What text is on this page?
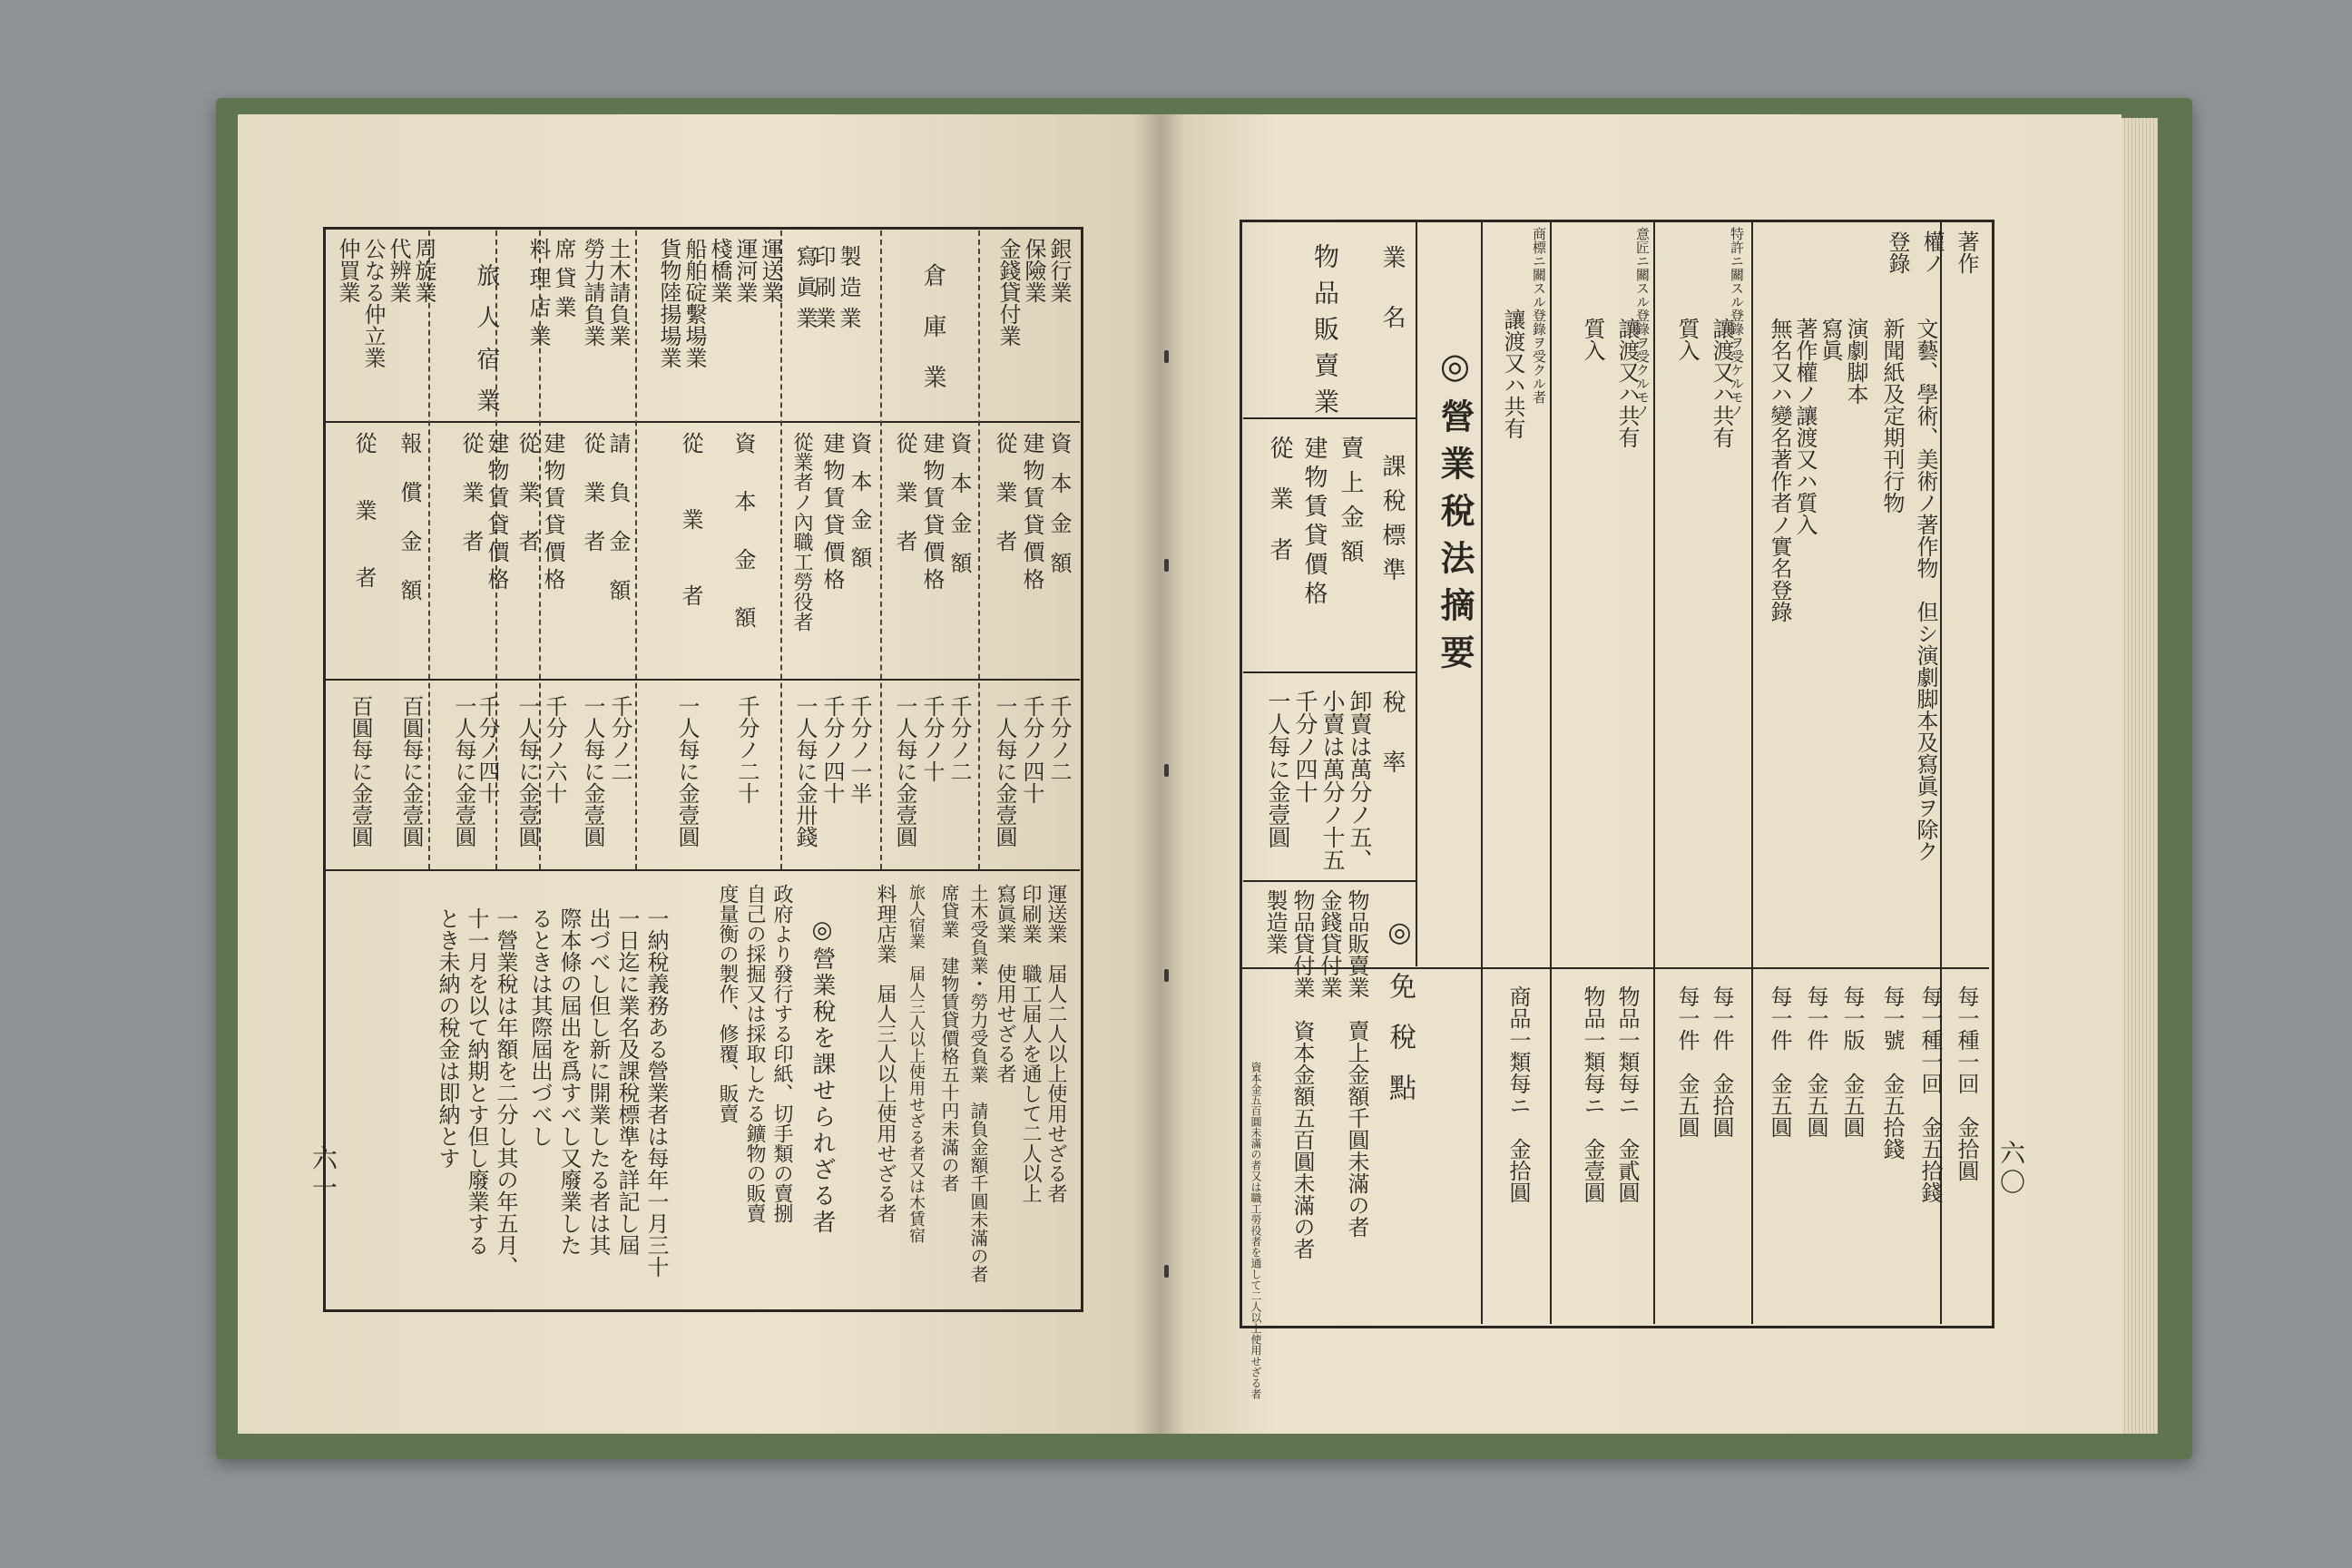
六〇
著作
權ノ
登錄
文藝、學術、美術ノ著作物　但シ演劇脚本及寫眞ヲ除ク
每一種一回　金拾圓
新聞紙及定期刊行物
每一號　金五拾錢
演劇脚本
每一種一回　金五拾錢
寫眞
每一版　金五圓
著作權ノ讓渡又ハ質入
每一件　金五圓
無名又ハ變名著作者ノ實名登錄
每一件　金五圓
特許ニ關スル登錄ヲ受ケルモノ
讓渡又ハ共有
每一件　金拾圓
質入
每一件　金五圓
意匠ニ關スル登錄ヲ受クルモノ
讓渡又ハ共有
物品一類每ニ　金貳圓
質入
物品一類每ニ　金壹圓
商標ニ關スル登錄ヲ受クル者
讓渡又ハ共有
商品一類每ニ　金拾圓
◎營業稅法摘要
業名
課稅標準
稅率
物品販賣業
賣上金額
建物賃貸價格
從業者
卸賣は萬分ノ五、
小賣は萬分ノ十五
千分ノ四十
一人每に金壹圓
◎免稅點
物品販賣業　賣上金額千圓未滿の者
金錢貸付業
物品貸付業　資本金額五百圓未滿の者
製造業
資本金五百圓未滿の者又は職工勞役者を通して二人以上使用せざる者
六一
銀行業
保險業
金錢貸付業
資本金額
建物賃貸價格
從業者
千分ノ二
千分ノ四十
一人每に金壹圓
倉庫業
資本金額
建物賃貸價格
從業者
千分ノ二
千分ノ十
一人每に金壹圓
製造業
印刷業
寫眞業
資本金額
建物賃貸價格
從業者ノ內職工勞役者
千分ノ一半
千分ノ四十
一人每に金卅錢
運送業
運河業
棧橋業
船舶碇繫場業
貨物陸揚場業
資本金額
從業者
千分ノ二十
一人每に金壹圓
土木請負業
勞力請負業
請負金額
從業者
千分ノ二
一人每に金壹圓
席貸業
料理店業
建物賃貸價格
從業者
千分ノ六十
一人每に金壹圓
旅人宿業
建物賃貸價格
從業者
千分ノ四十
一人每に金壹圓
周旋業
代辨業
公なる仲立業
仲買業
報償金額
從業者
百圓每に金壹圓
百圓每に金壹圓
◎營業稅を課せられざる者	運送業　届人二人以上使用せざる者
印刷業　職工届人を通して二人以上
寫眞業　使用せざる者
土木受負業・勞力受負業　請負金額千圓未滿の者
席貸業　建物賃貸價格五十円未滿の者
旅人宿業　届人三人以上使用せざる者又は木賃宿
料理店業　届人三人以上使用せざる者
政府より發行する印紙、切手類の賣捌
自己の採掘又は採取したる鑛物の販賣
度量衡の製作、修覆、販賣
一納稅義務ある營業者は每年一月三十
一日迄に業名及課稅標準を詳記し屆
出づべし但し新に開業したる者は其
際本條の屆出を爲すべし又廢業した
るときは其際屆出づべし
一營業稅は年額を二分し其の年五月、
十一月を以て納期とす但し廢業する
とき未納の稅金は即納とす
